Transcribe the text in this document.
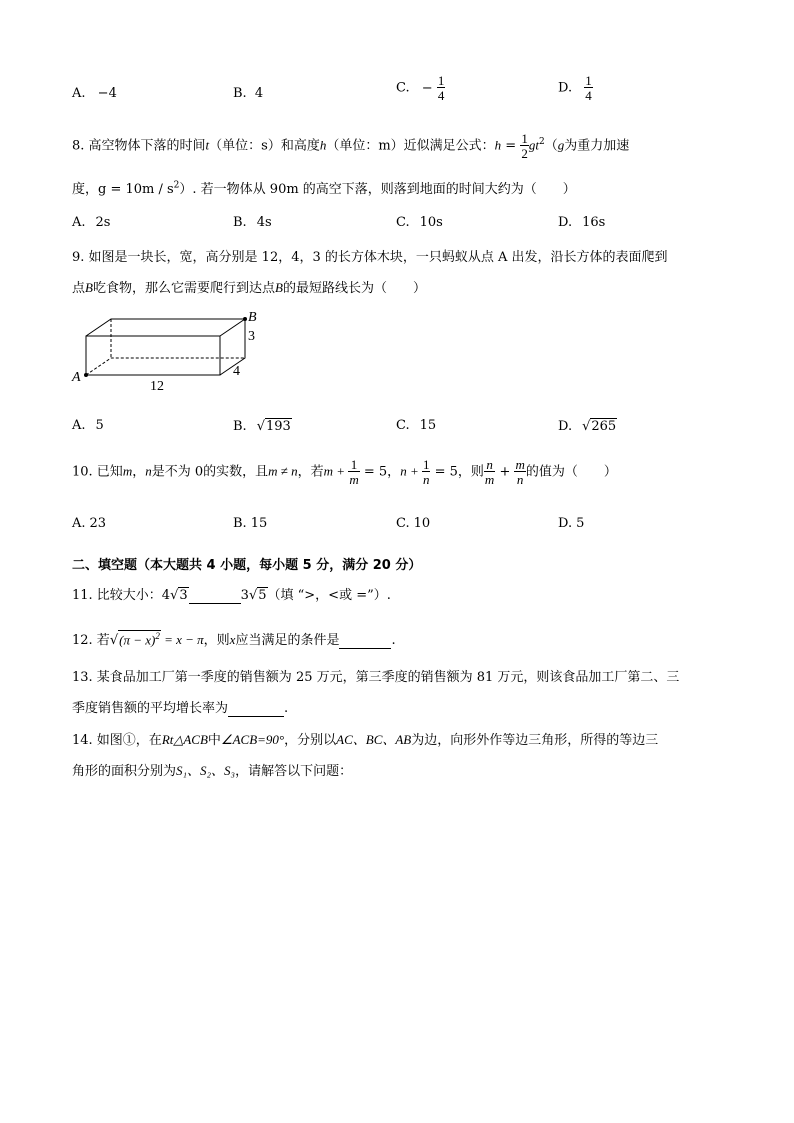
A. −4	B. 4	C. − $\frac{1}{4}$	D. $\frac{1}{4}$
8. 高空物体下落的时间t（单位：s）和高度h（单位：m）近似满足公式：$h = \frac{1}{2} gt^2(g$为重力加速
度，$g = 10m / s^2$）. 若一物体从 90m 的高空下落，则落到地面的时间大约为（　　）
A. 2s	B. 4s	C. 10s	D. 16s
9. 如图是一块长，宽，高分别是 12，4，3 的长方体木块，一只蚂蚁从点 A 出发，沿长方体的表面爬到
点B吃食物，那么它需要爬行到达点B的最短路线长为（　　）
A
B
3
4
12
A. 5	B. √193	C. 15	D. √265
10. 已知m，n是不为 0的实数，且m ≠ n，若$m + \frac{1}{m} = 5$，$n + \frac{1}{n} = 5$，则 $\frac{n}{m} + \frac{m}{n}$ 的值为（　　）
A. 23	B. 15	C. 10	D. 5
二、填空题（本大题共 4 小题，每小题 5 分，满分 20 分）
11. 比较大小：4√3	3√5（填 “>，<或 =”）.
12. 若$√(\pi - x)^2 = x - \pi$，则x应当满足的条件是	.
13. 某食品加工厂第一季度的销售额为 25 万元，第三季度的销售额为 81 万元，则该食品加工厂第二、三
季度销售额的平均增长率为	.
14. 如图①，在Rt△ACB中∠ACB=90°，分别以AC、BC、AB为边，向形外作等边三角形，所得的等边三
角形的面积分别为S₁、S₂、S₃，请解答以下问题：
